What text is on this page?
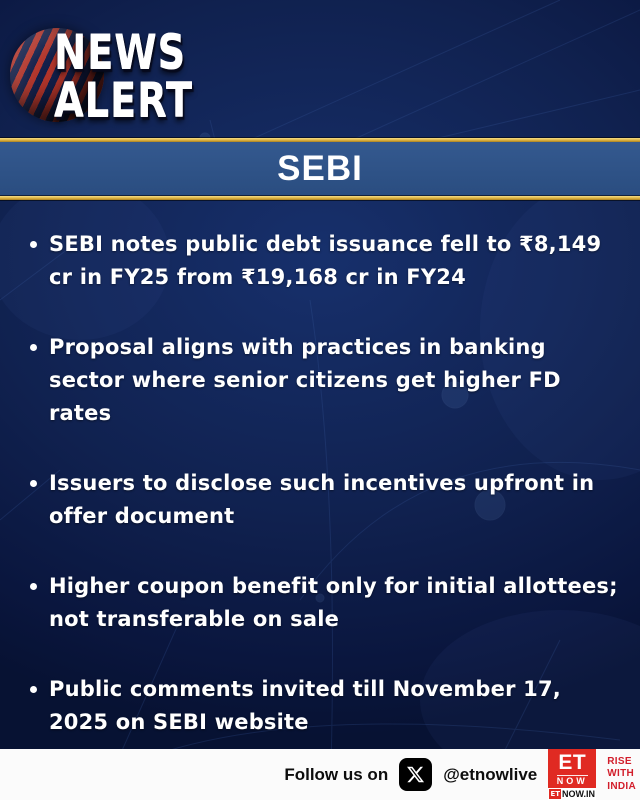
NEWS
ALERT
SEBI
SEBI notes public debt issuance fell to ₹8,149 cr in FY25 from ₹19,168 cr in FY24
Proposal aligns with practices in banking sector where senior citizens get higher FD rates
Issuers to disclose such incentives upfront in offer document
Higher coupon benefit only for initial allottees; not transferable on sale
Public comments invited till November 17, 2025 on SEBI website
Follow us on	@etnowlive
ET
NOW
ET NOW.IN
RISE
WITH
INDIA
